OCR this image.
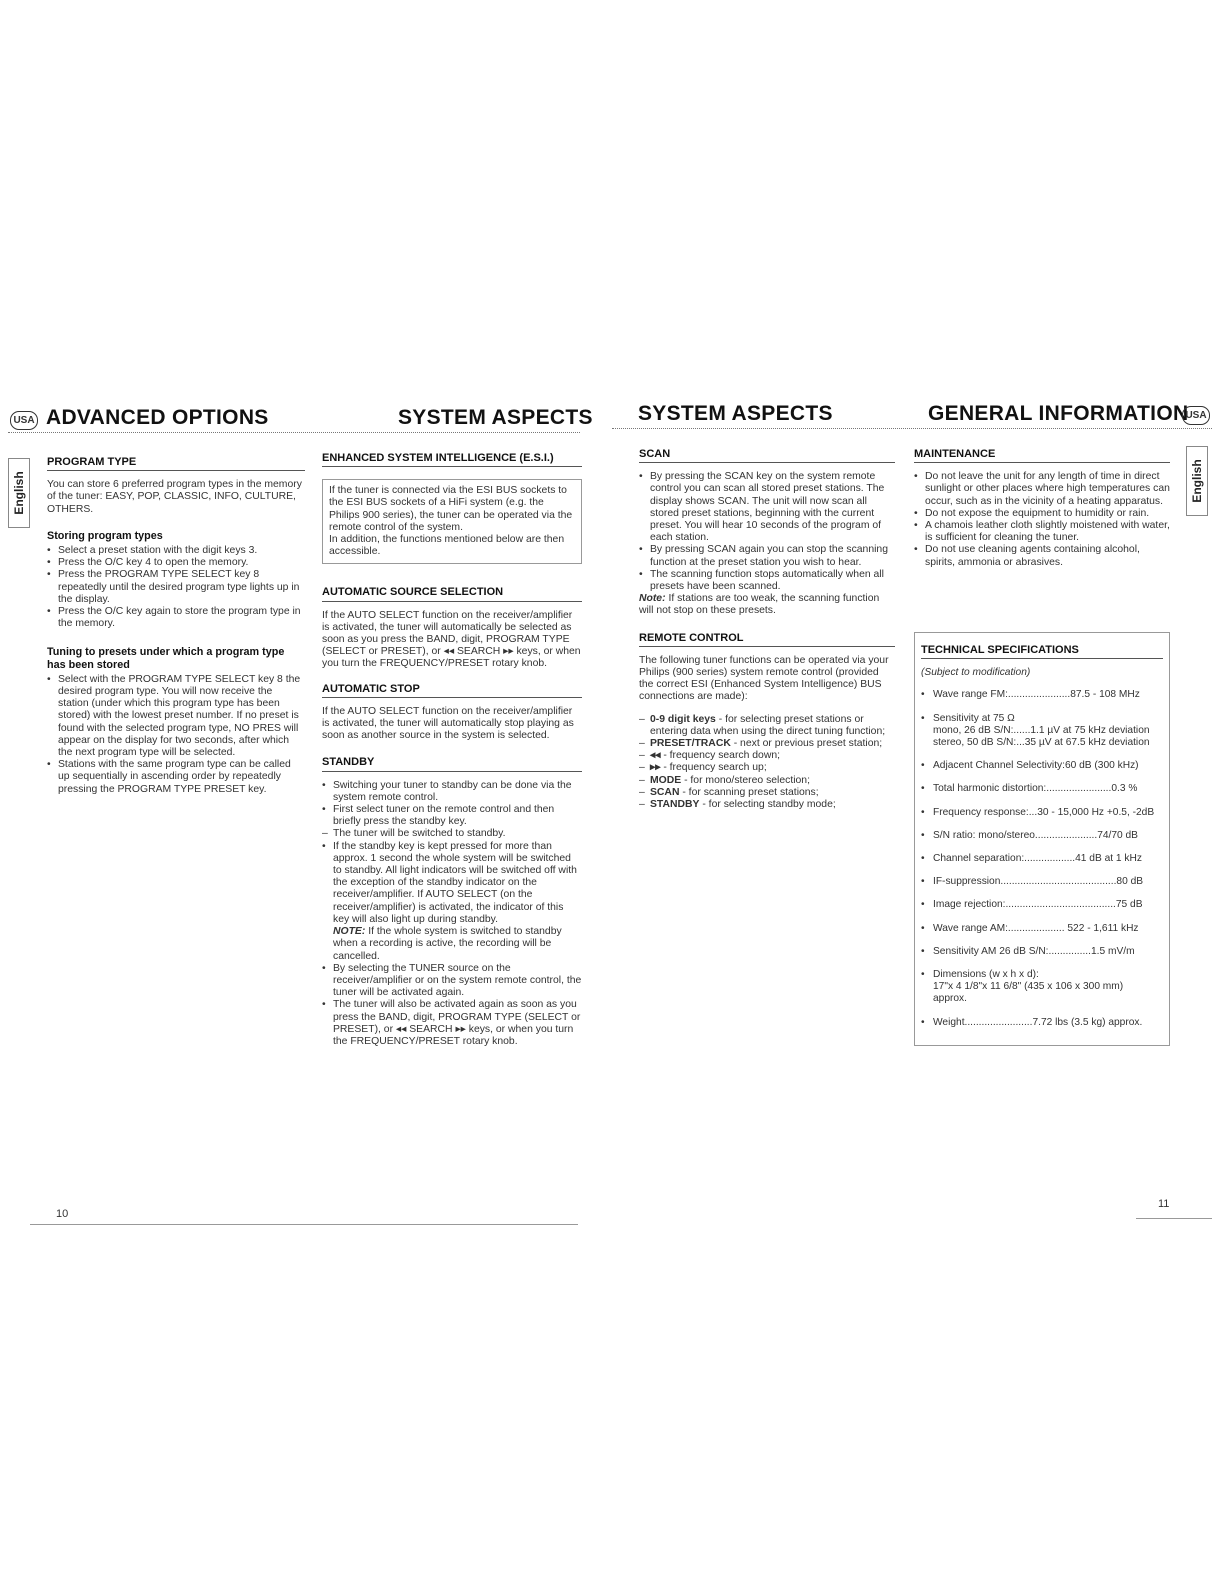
USA ADVANCED OPTIONS	SYSTEM ASPECTS
English
PROGRAM TYPE

You can store 6 preferred program types in the memory of the tuner: EASY, POP, CLASSIC, INFO, CULTURE, OTHERS.

Storing program types
• Select a preset station with the digit keys 3.
• Press the O/C key 4 to open the memory.
• Press the PROGRAM TYPE SELECT key 8 repeatedly until the desired program type lights up in the display.
• Press the O/C key again to store the program type in the memory.
Tuning to presets under which a program type has been stored
• Select with the PROGRAM TYPE SELECT key 8 the desired program type. You will now receive the station (under which this program type has been stored) with the lowest preset number. If no preset is found with the selected program type, NO PRES will appear on the display for two seconds, after which the next program type will be selected.
• Stations with the same program type can be called up sequentially in ascending order by repeatedly pressing the PROGRAM TYPE PRESET key.
ENHANCED SYSTEM INTELLIGENCE (E.S.I.)

If the tuner is connected via the ESI BUS sockets to the ESI BUS sockets of a HiFi system (e.g. the Philips 900 series), the tuner can be operated via the remote control of the system.

In addition, the functions mentioned below are then accessible.

AUTOMATIC SOURCE SELECTION

If the AUTO SELECT function on the receiver/amplifier is activated, the tuner will automatically be selected as soon as you press the BAND, digit, PROGRAM TYPE (SELECT or PRESET), or ◂◂ SEARCH ▸▸ keys, or when you turn the FREQUENCY/PRESET rotary knob.

AUTOMATIC STOP

If the AUTO SELECT function on the receiver/amplifier is activated, the tuner will automatically stop playing as soon as another source in the system is selected.

STANDBY
• Switching your tuner to standby can be done via the system remote control.
• First select tuner on the remote control and then briefly press the standby key.
– The tuner will be switched to standby.
• If the standby key is kept pressed for more than approx. 1 second the whole system will be switched to standby. All light indicators will be switched off with the exception of the standby indicator on the receiver/amplifier. If AUTO SELECT (on the receiver/amplifier) is activated, the indicator of this key will also light up during standby.
NOTE: If the whole system is switched to standby when a recording is active, the recording will be cancelled.
• By selecting the TUNER source on the receiver/amplifier or on the system remote control, the tuner will be activated again.
• The tuner will also be activated again as soon as you press the BAND, digit, PROGRAM TYPE (SELECT or PRESET), or ◂◂ SEARCH ▸▸ keys, or when you turn the FREQUENCY/PRESET rotary knob.
10
SYSTEM ASPECTS	GENERAL INFORMATION
USA
English
SCAN
• By pressing the SCAN key on the system remote control you can scan all stored preset stations. The display shows SCAN. The unit will now scan all stored preset stations, beginning with the current preset. You will hear 10 seconds of the program of each station.
• By pressing SCAN again you can stop the scanning function at the preset station you wish to hear.
• The scanning function stops automatically when all presets have been scanned.

Note: If stations are too weak, the scanning function will not stop on these presets.

REMOTE CONTROL

The following tuner functions can be operated via your Philips (900 series) system remote control (provided the correct ESI (Enhanced System Intelligence) BUS connections are made):

– 0-9 digit keys - for selecting preset stations or entering data when using the direct tuning function;
– PRESET/TRACK - next or previous preset station;
– ◂◂ - frequency search down;
– ▸▸ - frequency search up;
– MODE - for mono/stereo selection;
– SCAN - for scanning preset stations;
– STANDBY - for selecting standby mode;
MAINTENANCE
• Do not leave the unit for any length of time in direct sunlight or other places where high temperatures can occur, such as in the vicinity of a heating apparatus.
• Do not expose the equipment to humidity or rain.
• A chamois leather cloth slightly moistened with water, is sufficient for cleaning the tuner.
• Do not use cleaning agents containing alcohol, spirits, ammonia or abrasives.
TECHNICAL SPECIFICATIONS

(Subject to modification)

• Wave range FM:......................87.5 - 108 MHz
• Sensitivity at 75 Ω
mono, 26 dB S/N:......1.1 µV at 75 kHz deviation
stereo, 50 dB S/N:...35 µV at 67.5 kHz deviation
• Adjacent Channel Selectivity:60 dB (300 kHz)
• Total harmonic distortion:.......................0.3 %
• Frequency response:...30 - 15,000 Hz +0.5, -2dB
• S/N ratio: mono/stereo......................74/70 dB
• Channel separation:..................41 dB at 1 kHz
• IF-suppression.........................................80 dB
• Image rejection:.......................................75 dB
• Wave range AM:.................... 522 - 1,611 kHz
• Sensitivity AM 26 dB S/N:...............1.5 mV/m
• Dimensions (w x h x d):
17"x 4 1/8"x 11 6/8" (435 x 106 x 300 mm)
approx.
• Weight........................7.72 lbs (3.5 kg) approx.
11
